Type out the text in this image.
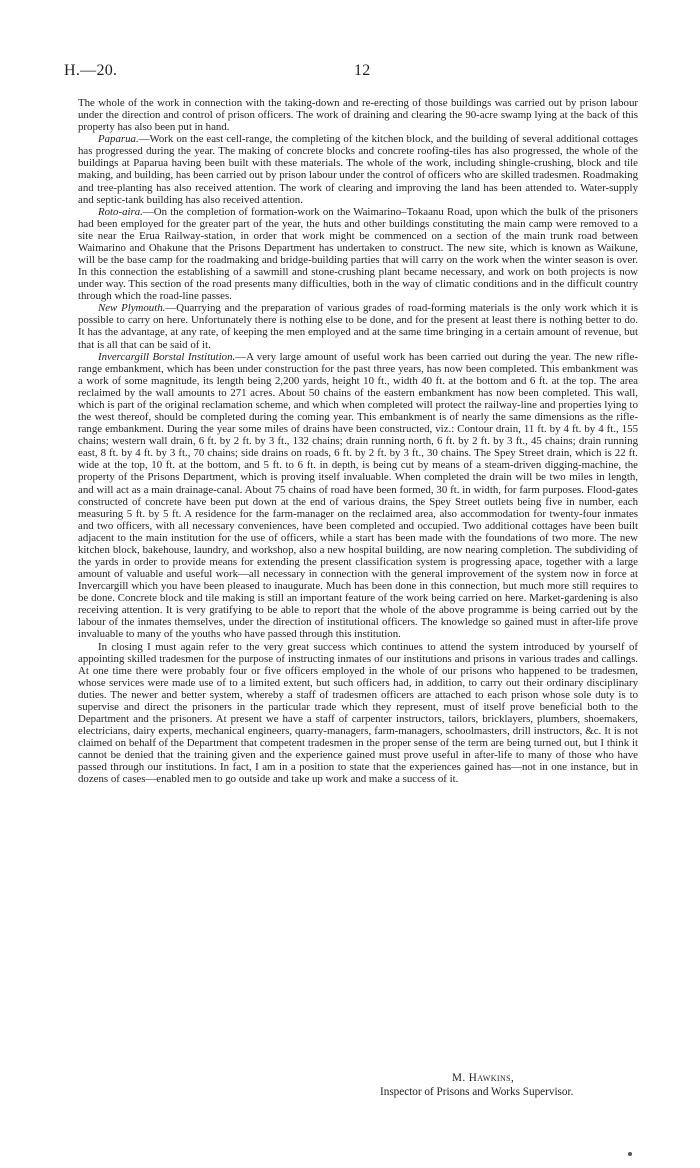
H.—20.	12

The whole of the work in connection with the taking-down and re-erecting of those buildings was carried out by prison labour under the direction and control of prison officers. The work of draining and clearing the 90-acre swamp lying at the back of this property has also been put in hand.

Paparua.—Work on the east cell-range, the completing of the kitchen block, and the building of several additional cottages has progressed during the year. The making of concrete blocks and concrete roofing-tiles has also progressed, the whole of the buildings at Paparua having been built with these materials. The whole of the work, including shingle-crushing, block and tile making, and building, has been carried out by prison labour under the control of officers who are skilled tradesmen. Roadmaking and tree-planting has also received attention. The work of clearing and improving the land has been attended to. Water-supply and septic-tank building has also received attention.

Roto-aira.—On the completion of formation-work on the Waimarino–Tokaanu Road, upon which the bulk of the prisoners had been employed for the greater part of the year, the huts and other buildings constituting the main camp were removed to a site near the Erua Railway-station, in order that work might be commenced on a section of the main trunk road between Waimarino and Ohakune that the Prisons Department has undertaken to construct. The new site, which is known as Waikune, will be the base camp for the roadmaking and bridge-building parties that will carry on the work when the winter season is over. In this connection the establishing of a sawmill and stone-crushing plant became necessary, and work on both projects is now under way. This section of the road presents many difficulties, both in the way of climatic conditions and in the difficult country through which the road-line passes.

New Plymouth.—Quarrying and the preparation of various grades of road-forming materials is the only work which it is possible to carry on here. Unfortunately there is nothing else to be done, and for the present at least there is nothing better to do. It has the advantage, at any rate, of keeping the men employed and at the same time bringing in a certain amount of revenue, but that is all that can be said of it.

Invercargill Borstal Institution.—A very large amount of useful work has been carried out during the year. The new rifle-range embankment, which has been under construction for the past three years, has now been completed. This embankment was a work of some magnitude, its length being 2,200 yards, height 10 ft., width 40 ft. at the bottom and 6 ft. at the top. The area reclaimed by the wall amounts to 271 acres. About 50 chains of the eastern embankment has now been completed. This wall, which is part of the original reclamation scheme, and which when completed will protect the railway-line and properties lying to the west thereof, should be completed during the coming year. This embankment is of nearly the same dimensions as the rifle-range embankment. During the year some miles of drains have been constructed, viz.: Contour drain, 11 ft. by 4 ft. by 4 ft., 155 chains; western wall drain, 6 ft. by 2 ft. by 3 ft., 132 chains; drain running north, 6 ft. by 2 ft. by 3 ft., 45 chains; drain running east, 8 ft. by 4 ft. by 3 ft., 70 chains; side drains on roads, 6 ft. by 2 ft. by 3 ft., 30 chains. The Spey Street drain, which is 22 ft. wide at the top, 10 ft. at the bottom, and 5 ft. to 6 ft. in depth, is being cut by means of a steam-driven digging-machine, the property of the Prisons Department, which is proving itself invaluable. When completed the drain will be two miles in length, and will act as a main drainage-canal. About 75 chains of road have been formed, 30 ft. in width, for farm purposes. Flood-gates constructed of concrete have been put down at the end of various drains, the Spey Street outlets being five in number, each measuring 5 ft. by 5 ft. A residence for the farm-manager on the reclaimed area, also accommodation for twenty-four inmates and two officers, with all necessary conveniences, have been completed and occupied. Two additional cottages have been built adjacent to the main institution for the use of officers, while a start has been made with the foundations of two more. The new kitchen block, bakehouse, laundry, and workshop, also a new hospital building, are now nearing completion. The subdividing of the yards in order to provide means for extending the present classification system is progressing apace, together with a large amount of valuable and useful work—all necessary in connection with the general improvement of the system now in force at Invercargill which you have been pleased to inaugurate. Much has been done in this connection, but much more still requires to be done. Concrete block and tile making is still an important feature of the work being carried on here. Market-gardening is also receiving attention. It is very gratifying to be able to report that the whole of the above programme is being carried out by the labour of the inmates themselves, under the direction of institutional officers. The knowledge so gained must in after-life prove invaluable to many of the youths who have passed through this institution.

In closing I must again refer to the very great success which continues to attend the system introduced by yourself of appointing skilled tradesmen for the purpose of instructing inmates of our institutions and prisons in various trades and callings. At one time there were probably four or five officers employed in the whole of our prisons who happened to be tradesmen, whose services were made use of to a limited extent, but such officers had, in addition, to carry out their ordinary disciplinary duties. The newer and better system, whereby a staff of tradesmen officers are attached to each prison whose sole duty is to supervise and direct the prisoners in the particular trade which they represent, must of itself prove beneficial both to the Department and the prisoners. At present we have a staff of carpenter instructors, tailors, bricklayers, plumbers, shoemakers, electricians, dairy experts, mechanical engineers, quarry-managers, farm-managers, schoolmasters, drill instructors, &c. It is not claimed on behalf of the Department that competent tradesmen in the proper sense of the term are being turned out, but I think it cannot be denied that the training given and the experience gained must prove useful in after-life to many of those who have passed through our institutions. In fact, I am in a position to state that the experiences gained has—not in one instance, but in dozens of cases—enabled men to go outside and take up work and make a success of it.

M. Hawkins,
Inspector of Prisons and Works Supervisor.
